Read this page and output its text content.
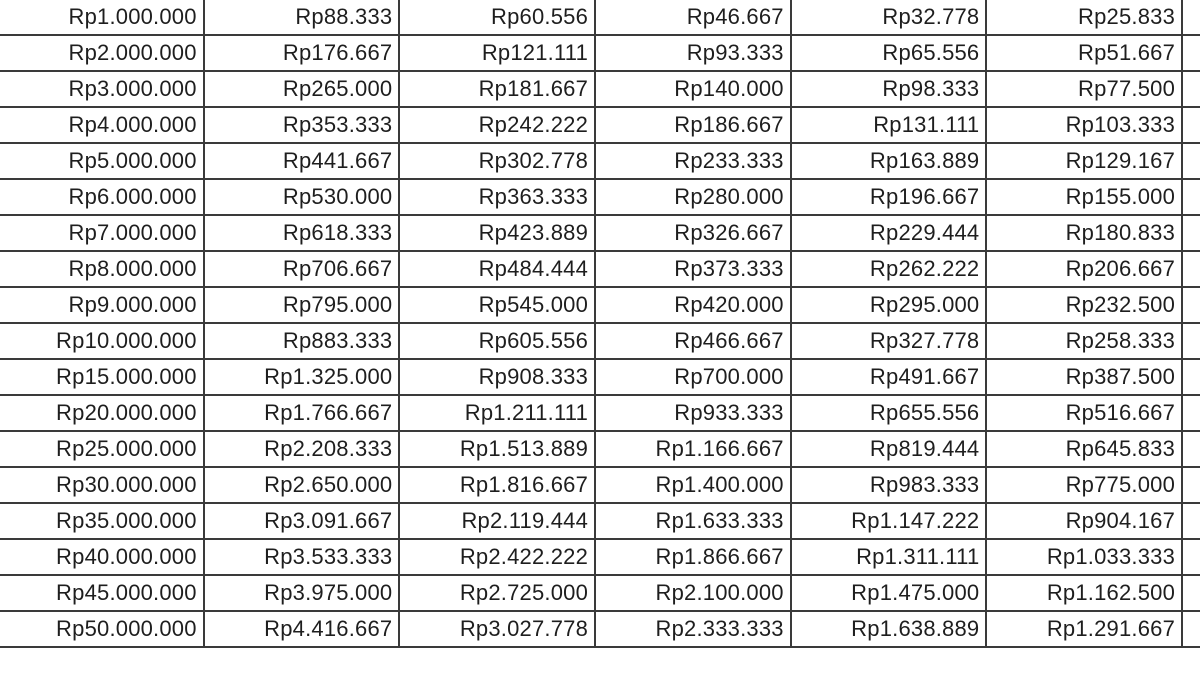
Rp1.000.000	Rp88.333	Rp60.556	Rp46.667	Rp32.778	Rp25.833	
Rp2.000.000	Rp176.667	Rp121.111	Rp93.333	Rp65.556	Rp51.667	
Rp3.000.000	Rp265.000	Rp181.667	Rp140.000	Rp98.333	Rp77.500	
Rp4.000.000	Rp353.333	Rp242.222	Rp186.667	Rp131.111	Rp103.333	
Rp5.000.000	Rp441.667	Rp302.778	Rp233.333	Rp163.889	Rp129.167	
Rp6.000.000	Rp530.000	Rp363.333	Rp280.000	Rp196.667	Rp155.000	
Rp7.000.000	Rp618.333	Rp423.889	Rp326.667	Rp229.444	Rp180.833	
Rp8.000.000	Rp706.667	Rp484.444	Rp373.333	Rp262.222	Rp206.667	
Rp9.000.000	Rp795.000	Rp545.000	Rp420.000	Rp295.000	Rp232.500	
Rp10.000.000	Rp883.333	Rp605.556	Rp466.667	Rp327.778	Rp258.333	
Rp15.000.000	Rp1.325.000	Rp908.333	Rp700.000	Rp491.667	Rp387.500	
Rp20.000.000	Rp1.766.667	Rp1.211.111	Rp933.333	Rp655.556	Rp516.667	
Rp25.000.000	Rp2.208.333	Rp1.513.889	Rp1.166.667	Rp819.444	Rp645.833	
Rp30.000.000	Rp2.650.000	Rp1.816.667	Rp1.400.000	Rp983.333	Rp775.000	
Rp35.000.000	Rp3.091.667	Rp2.119.444	Rp1.633.333	Rp1.147.222	Rp904.167	
Rp40.000.000	Rp3.533.333	Rp2.422.222	Rp1.866.667	Rp1.311.111	Rp1.033.333	
Rp45.000.000	Rp3.975.000	Rp2.725.000	Rp2.100.000	Rp1.475.000	Rp1.162.500	
Rp50.000.000	Rp4.416.667	Rp3.027.778	Rp2.333.333	Rp1.638.889	Rp1.291.667	
